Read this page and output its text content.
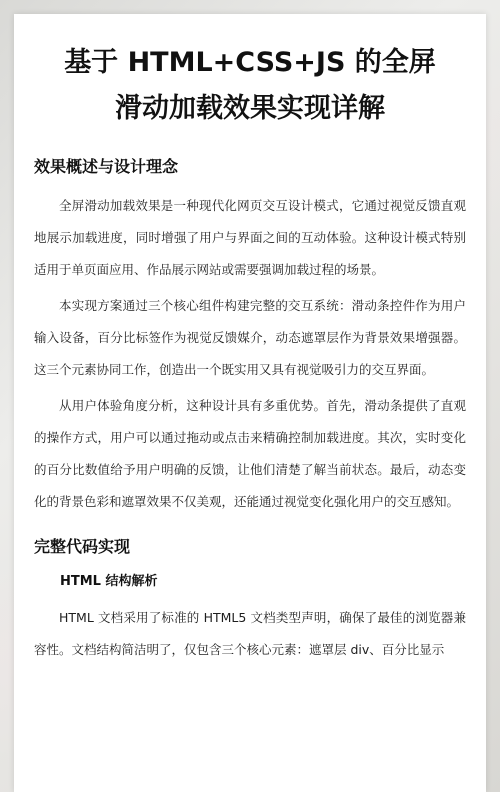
基于 HTML+CSS+JS 的全屏
滑动加载效果实现详解
效果概述与设计理念

全屏滑动加载效果是一种现代化网页交互设计模式，它通过视觉反馈直观地展示加载进度，同时增强了用户与界面之间的互动体验。这种设计模式特别适用于单页面应用、作品展示网站或需要强调加载过程的场景。

本实现方案通过三个核心组件构建完整的交互系统：滑动条控件作为用户输入设备，百分比标签作为视觉反馈媒介，动态遮罩层作为背景效果增强器。这三个元素协同工作，创造出一个既实用又具有视觉吸引力的交互界面。

从用户体验角度分析，这种设计具有多重优势。首先，滑动条提供了直观的操作方式，用户可以通过拖动或点击来精确控制加载进度。其次，实时变化的百分比数值给予用户明确的反馈，让他们清楚了解当前状态。最后，动态变化的背景色彩和遮罩效果不仅美观，还能通过视觉变化强化用户的交互感知。

完整代码实现
HTML 结构解析

HTML 文档采用了标准的 HTML5 文档类型声明，确保了最佳的浏览器兼容性。文档结构简洁明了，仅包含三个核心元素：遮罩层 div、百分比显示
